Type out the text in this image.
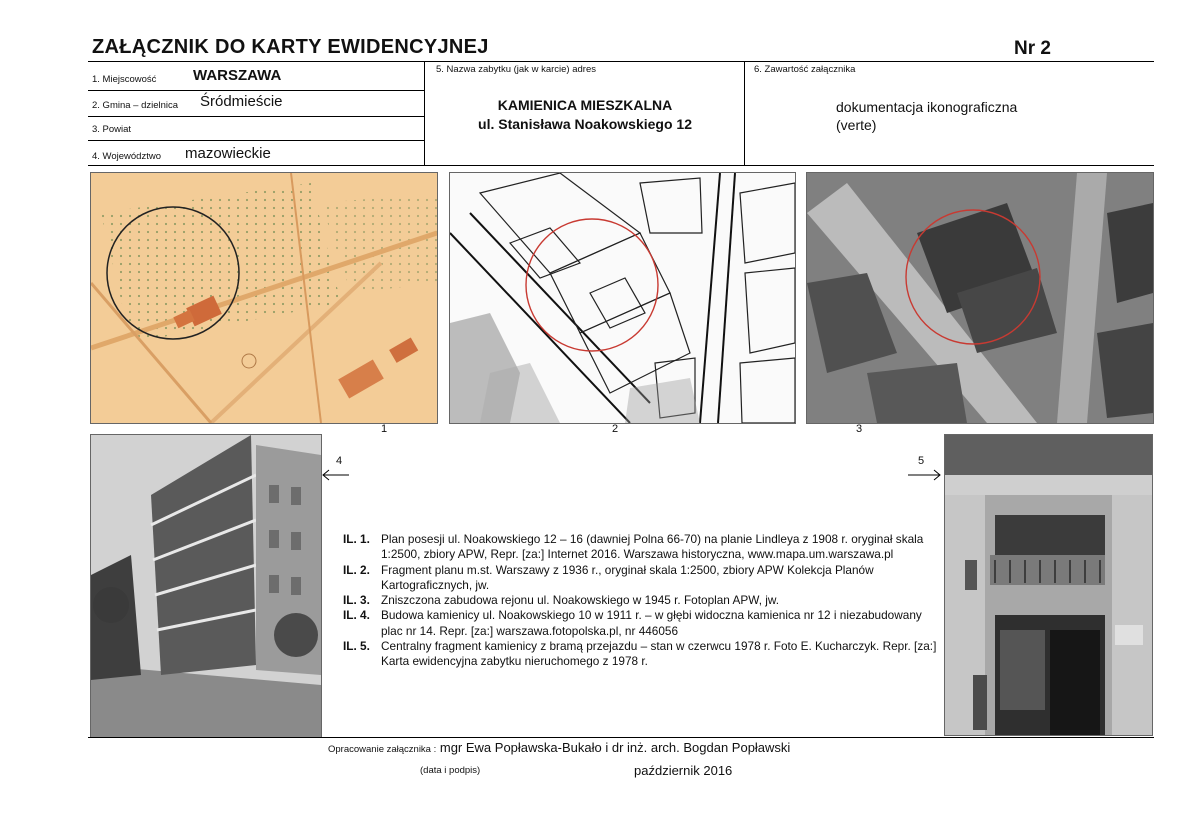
ZAŁĄCZNIK DO KARTY EWIDENCYJNEJ	Nr 2
1. Miejscowość WARSZAWA
2. Gmina – dzielnica Śródmieście
3. Powiat
4. Województwo mazowieckie
5. Nazwa zabytku (jak w karcie) adres
KAMIENICA MIESZKALNA
ul. Stanisława Noakowskiego 12
6. Zawartość załącznika
dokumentacja ikonograficzna
(verte)
1	2	3
4	5
IL. 1. Plan posesji ul. Noakowskiego 12 – 16 (dawniej Polna 66-70) na planie Lindleya z 1908 r. oryginał skala 1:2500, zbiory APW, Repr. [za:] Internet 2016. Warszawa historyczna, www.mapa.um.warszawa.pl
IL. 2. Fragment planu m.st. Warszawy z 1936 r., oryginał skala 1:2500, zbiory APW Kolekcja Planów Kartograficznych, jw.
IL. 3. Zniszczona zabudowa rejonu ul. Noakowskiego w 1945 r. Fotoplan APW, jw.
IL. 4. Budowa kamienicy ul. Noakowskiego 10 w 1911 r. – w głębi widoczna kamienica nr 12 i niezabudowany plac nr 14. Repr. [za:] warszawa.fotopolska.pl, nr 446056
IL. 5. Centralny fragment kamienicy z bramą przejazdu – stan w czerwcu 1978 r. Foto E. Kucharczyk. Repr. [za:] Karta ewidencyjna zabytku nieruchomego z 1978 r.
Opracowanie załącznika : mgr Ewa Popławska-Bukało i dr inż. arch. Bogdan Popławski
(data i podpis)	październik 2016
